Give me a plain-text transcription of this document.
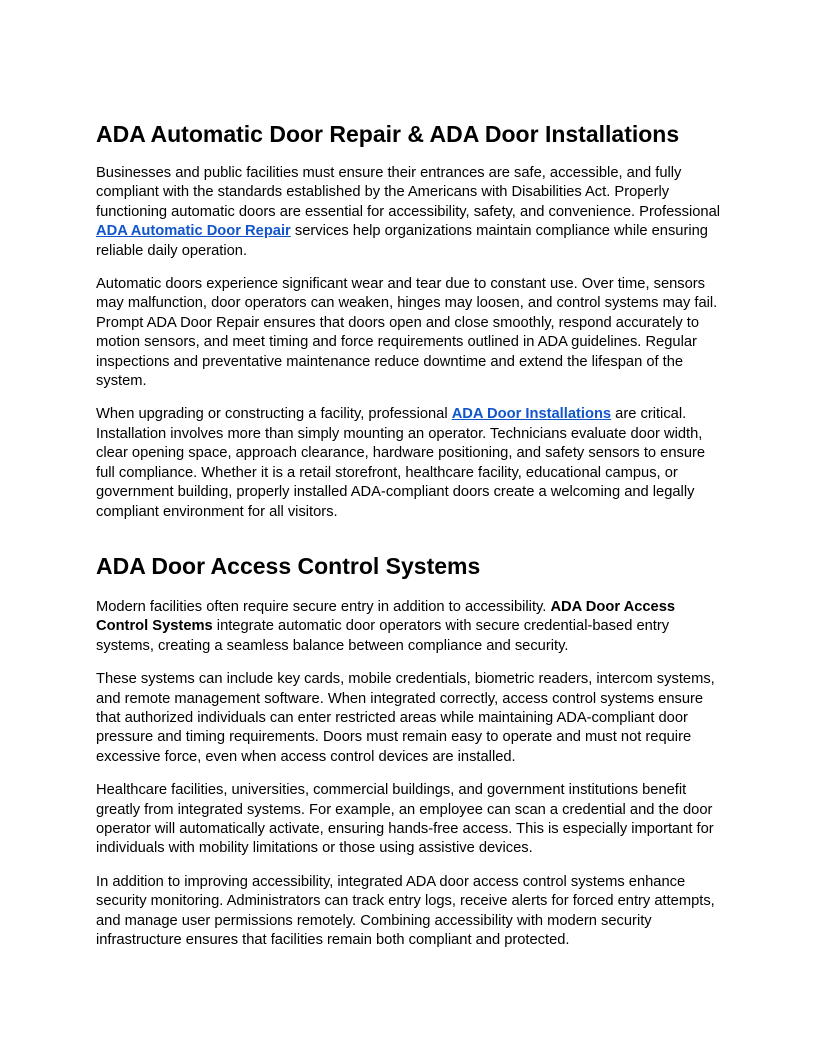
ADA Automatic Door Repair & ADA Door Installations

Businesses and public facilities must ensure their entrances are safe, accessible, and fully compliant with the standards established by the Americans with Disabilities Act. Properly functioning automatic doors are essential for accessibility, safety, and convenience. Professional ADA Automatic Door Repair services help organizations maintain compliance while ensuring reliable daily operation.

Automatic doors experience significant wear and tear due to constant use. Over time, sensors may malfunction, door operators can weaken, hinges may loosen, and control systems may fail. Prompt ADA Door Repair ensures that doors open and close smoothly, respond accurately to motion sensors, and meet timing and force requirements outlined in ADA guidelines. Regular inspections and preventative maintenance reduce downtime and extend the lifespan of the system.

When upgrading or constructing a facility, professional ADA Door Installations are critical. Installation involves more than simply mounting an operator. Technicians evaluate door width, clear opening space, approach clearance, hardware positioning, and safety sensors to ensure full compliance. Whether it is a retail storefront, healthcare facility, educational campus, or government building, properly installed ADA-compliant doors create a welcoming and legally compliant environment for all visitors.

ADA Door Access Control Systems

Modern facilities often require secure entry in addition to accessibility. ADA Door Access Control Systems integrate automatic door operators with secure credential-based entry systems, creating a seamless balance between compliance and security.

These systems can include key cards, mobile credentials, biometric readers, intercom systems, and remote management software. When integrated correctly, access control systems ensure that authorized individuals can enter restricted areas while maintaining ADA-compliant door pressure and timing requirements. Doors must remain easy to operate and must not require excessive force, even when access control devices are installed.

Healthcare facilities, universities, commercial buildings, and government institutions benefit greatly from integrated systems. For example, an employee can scan a credential and the door operator will automatically activate, ensuring hands-free access. This is especially important for individuals with mobility limitations or those using assistive devices.

In addition to improving accessibility, integrated ADA door access control systems enhance security monitoring. Administrators can track entry logs, receive alerts for forced entry attempts, and manage user permissions remotely. Combining accessibility with modern security infrastructure ensures that facilities remain both compliant and protected.
